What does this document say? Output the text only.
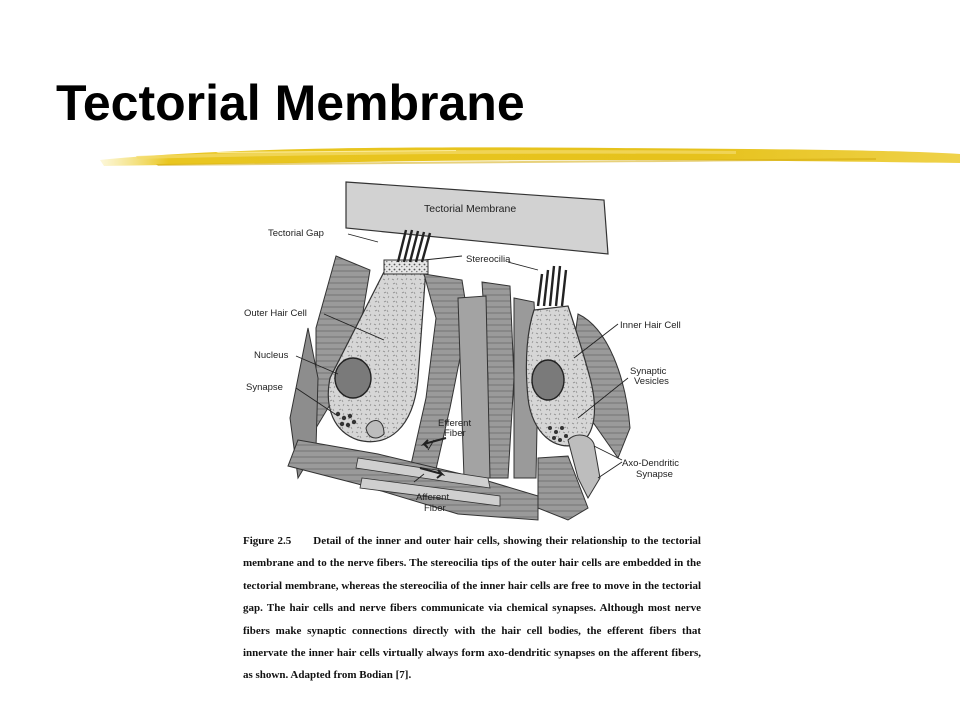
Tectorial Membrane
Tectorial Membrane
Tectorial Gap
Stereocilia
Outer Hair Cell
Nucleus
Synapse
Efferent
Fiber
Afferent
Fiber
Inner Hair Cell
Synaptic
Vesicles
Axo-Dendritic
Synapse

Figure 2.5 Detail of the inner and outer hair cells, showing their relationship to the tectorial membrane and to the nerve fibers. The stereocilia tips of the outer hair cells are embedded in the tectorial membrane, whereas the stereocilia of the inner hair cells are free to move in the tectorial gap. The hair cells and nerve fibers communicate via chemical synapses. Although most nerve fibers make synaptic connections directly with the hair cell bodies, the efferent fibers that innervate the inner hair cells virtually always form axo-dendritic synapses on the afferent fibers, as shown. Adapted from Bodian [7].
